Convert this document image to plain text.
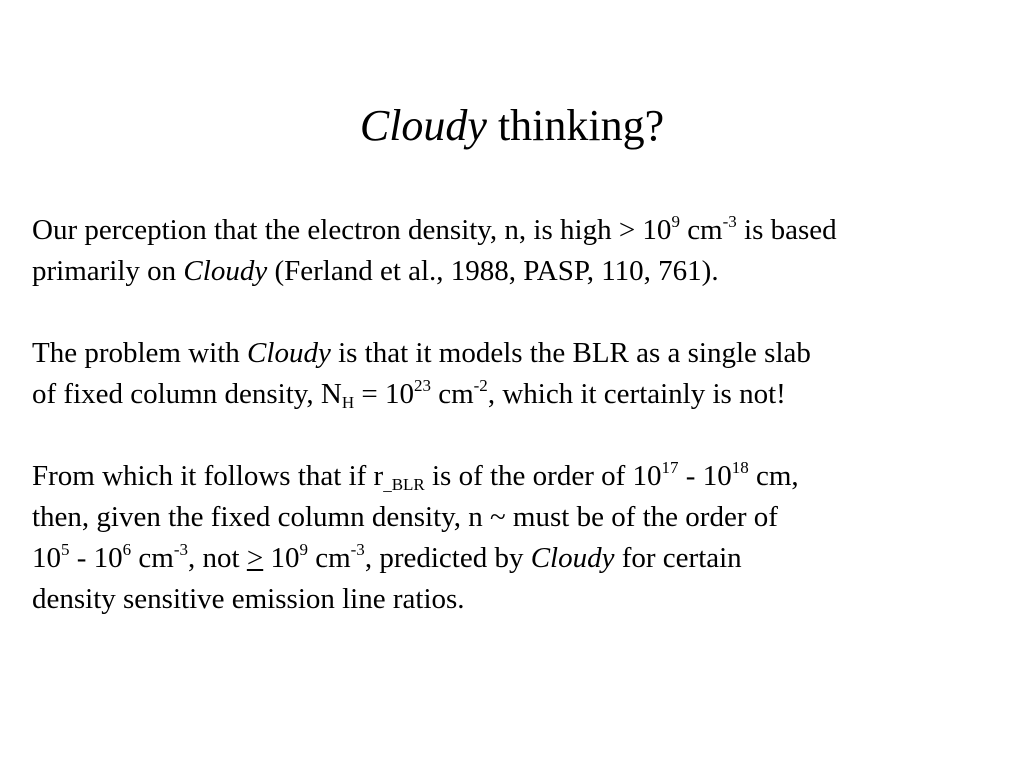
Cloudy thinking?

Our perception that the electron density, n, is high > $10^9$ $cm^{-3}$ is based
primarily on Cloudy (Ferland et al., 1988, PASP, 110, 761).

The problem with Cloudy is that it models the BLR as a single slab
of fixed column density, $N_H = 10^{23}$ $cm^{-2}$, which it certainly is not!

From which it follows that if $r_{\_BLR}$ is of the order of $10^{17} - 10^{18}$ cm,
then, given the fixed column density, n ~ must be of the order of
$10^5 - 10^6$ $cm^{-3}$, not > $10^9$ $cm^{-3}$, predicted by Cloudy for certain
density sensitive emission line ratios.
